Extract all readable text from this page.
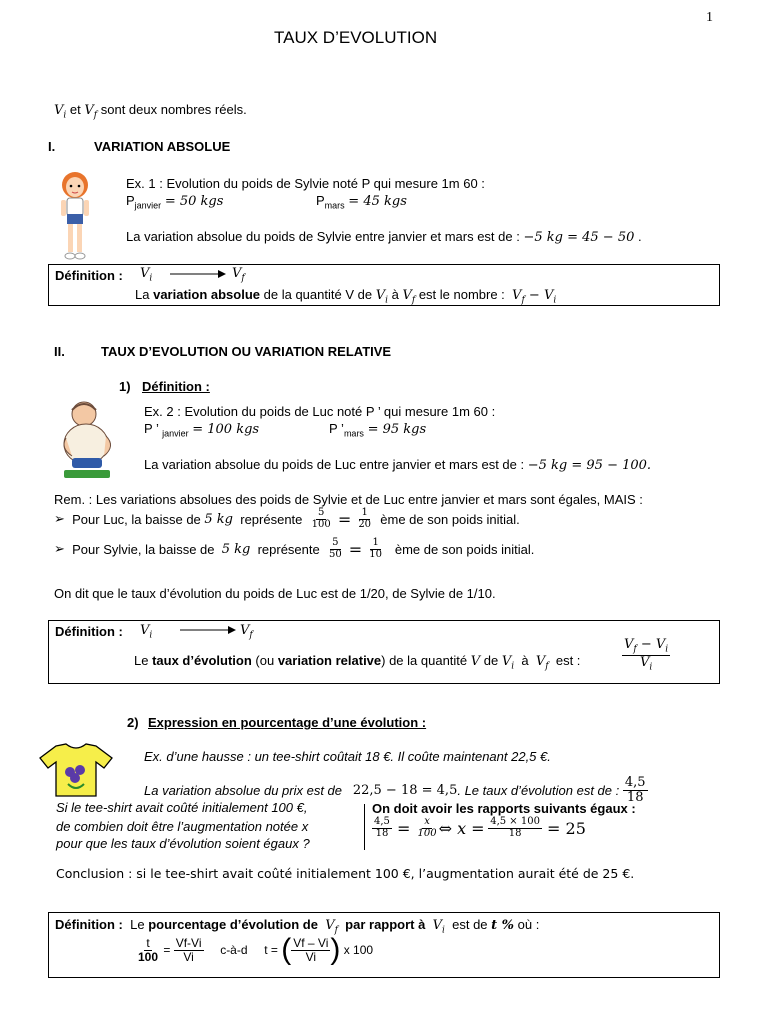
1
TAUX D’EVOLUTION
$V_i$ et $V_f$ sont deux nombres réels.
I.	VARIATION ABSOLUE
Ex. 1 : Evolution du poids de Sylvie noté P qui mesure 1m 60 :
$P_{janvier} = 50$ kgs	$P_{mars} = 45$ kgs
La variation absolue du poids de Sylvie entre janvier et mars est de : −5 kg = 45 − 50 .
Définition : $V_i$	$V_f$
La variation absolue de la quantité V de $V_i$ à $V_f$ est le nombre : $V_f - V_i$
II.	TAUX D’EVOLUTION OU VARIATION RELATIVE
1) Définition :
Ex. 2 : Evolution du poids de Luc noté P ’ qui mesure 1m 60 :
P ’ $_{janvier}$ = 100 kgs	P $’_{mars} = 95$ kgs
La variation absolue du poids de Luc entre janvier et mars est de : −5 kg = 95 − 100.
Rem. : Les variations absolues des poids de Sylvie et de Luc entre janvier et mars sont égales, MAIS :
➢
Pour Luc, la baisse de
5 kg
représente
$\frac{5}{100} = \frac{1}{20}$
ème de son poids initial.
➢
Pour Sylvie, la baisse de
5 kg
représente
$\frac{5}{50} = \frac{1}{10}$
ème de son poids initial.
On dit que le taux d’évolution du poids de Luc est de 1/20, de Sylvie de 1/10.
Définition : $V_i$	$V_f$
Le taux d’évolution (ou variation relative) de la quantité V de $V_i$ à $V_f$ est :	$\frac{V_f - V_i}{V_i}$
2) Expression en pourcentage d’une évolution :
Ex. d’une hausse : un tee-shirt coûtait 18 €. Il coûte maintenant 22,5 €.
La variation absolue du prix est de
22,5 − 18 = 4,5 . Le taux d’évolution est de :
$\frac{4,5}{18}$
Si le tee-shirt avait coûté initialement 100 €,
de combien doit être l’augmentation notée x
pour que les taux d’évolution soient égaux ?
On doit avoir les rapports suivants égaux :
$\frac{4,5}{18} = \frac{x}{100}$ ⇔ x =
$\frac{4,5 \times 100}{18}$
= 25
Conclusion : si le tee-shirt avait coûté initialement 100 €, l’augmentation aurait été de 25 €.
Définition : Le pourcentage d’évolution de $V_f$ par rapport à $V_i$ est de t % où :
$\frac{t}{100} = \frac{Vf-Vi}{Vi}$
c-à-d
t =
( $\frac{Vf - Vi}{Vi}$ )
x 100
